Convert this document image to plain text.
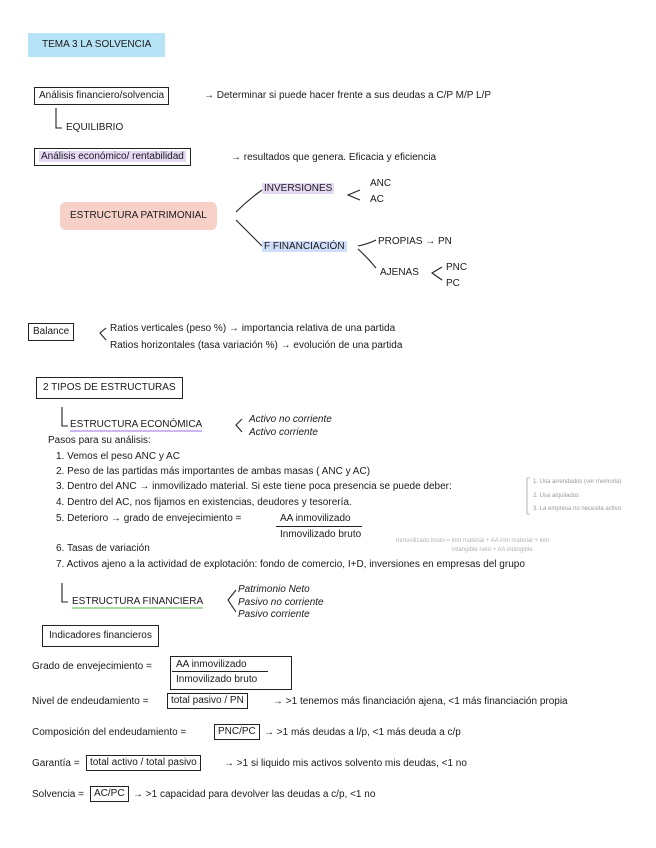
TEMA 3 LA SOLVENCIA
Análisis financiero/solvencia	→ Determinar si puede hacer frente a sus deudas a C/P M/P L/P
EQUILIBRIO
Análisis económico/ rentabilidad	→ resultados que genera. Eficacia y eficiencia
ESTRUCTURA PATRIMONIAL
INVERSIONES	ANC
AC
F FINANCIACIÓN	PROPIAS → PN
AJENAS	PNC
PC
Balance	Ratios verticales (peso %) → importancia relativa de una partida
Ratios horizontales (tasa variación %) → evolución de una partida
2 TIPOS DE ESTRUCTURAS
ESTRUCTURA ECONÓMICA	Activo no corriente
Activo corriente
Pasos para su análisis:
1. Vemos el peso ANC y AC
2. Peso de las partidas más importantes de ambas masas ( ANC y AC)
3. Dentro del ANC → inmovilizado material. Si este tiene poca presencia se puede deber:
4. Dentro del AC, nos fijamos en existencias, deudores y tesorería.
5. Deterioro → grado de envejecimiento =	AA inmovilizado
Inmovilizado bruto
6. Tasas de variación
7. Activos ajeno a la actividad de explotación: fondo de comercio, I+D, inversiones en empresas del grupo
1. Usa arrendados (ver memoria)
2. Usa alquilados
3. La empresa no necesita activo
Inmovilizado bruto = inm material + AA inm material + inm
intangible neto + AA intangible
ESTRUCTURA FINANCIERA
Patrimonio Neto
Pasivo no corriente
Pasivo corriente
Indicadores financieros
Grado de envejecimiento = AA inmovilizado
Inmovilizado bruto
Nivel de endeudamiento =	total pasivo / PN	→ >1 tenemos más financiación ajena, <1 más financiación propia
Composición del endeudamiento =	PNC/PC → >1 más deudas a l/p, <1 más deuda a c/p
Garantía =	total activo / total pasivo	→ >1 si liquido mis activos solvento mis deudas, <1 no
Solvencia =	AC/PC → >1 capacidad para devolver las deudas a c/p, <1 no
